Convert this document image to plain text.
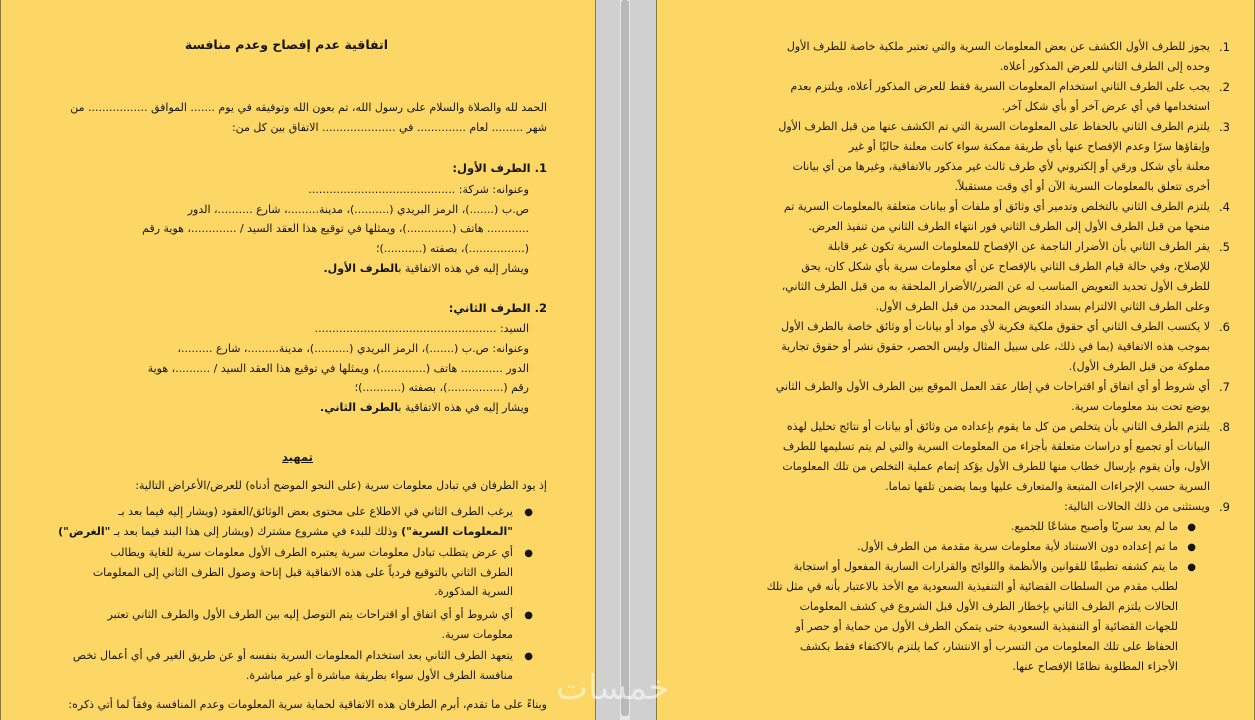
اتفاقية عدم إفصاح وعدم منافسة
الحمد لله والصلاة والسلام على رسول الله، تم بعون الله وتوفيقه في يوم ....... الموافق ................. من
شهر ......... لعام .............. في ..................... الاتفاق بين كل من:
1. الطرف الأول:
وعنوانه: شركة: ..........................................
ص.ب (.......)، الرمز البريدي (..........)، مدينة.........، شارع ..........، الدور
............ هاتف (.............)، ويمثلها في توقيع هذا العقد السيد / .............، هوية رقم
(................)، بصفته (...........)؛
ويشار إليه في هذه الاتفاقية بالطرف الأول.
2. الطرف الثاني:
السيد: ....................................................
وعنوانه: ص.ب (.......)، الرمز البريدي (..........)، مدينة.........، شارع .........،
الدور ............ هاتف (.............)، ويمثلها في توقيع هذا العقد السيد / ..........، هوية
رقم (................)، بصفته (...........)؛
ويشار إليه في هذه الاتفاقية بالطرف الثاني.
تمهيد
إذ يود الطرفان في تبادل معلومات سرية (على النحو الموضح أدناه) للعرض/الأعراض التالية:
●
يرغب الطرف الثاني في الاطلاع على محتوى بعض الوثائق/العقود (ويشار إليه فيما بعد بـ
"المعلومات السرية") وذلك للبدء في مشروع مشترك (ويشار إلى هذا البند فيما بعد بـ "الغرض")
●
أي عرض يتطلب تبادل معلومات سرية يعتبره الطرف الأول معلومات سرية للغاية ويطالب
الطرف الثاني بالتوقيع فردياً على هذه الاتفاقية قبل إتاحة وصول الطرف الثاني إلى المعلومات
السرية المذكورة.
●
أي شروط أو أي اتفاق أو اقتراحات يتم التوصل إليه بين الطرف الأول والطرف الثاني تعتبر
معلومات سرية.
●
يتعهد الطرف الثاني بعد استخدام المعلومات السرية بنفسه أو عن طريق الغير في أي أعمال تخص
منافسة الطرف الأول سواء بطريقة مباشرة أو غير مباشرة.
وبناءً على ما تقدم، أبرم الطرفان هذه الاتفاقية لحماية سرية المعلومات وعدم المنافسة وفقاً لما أتي ذكره:
1.
يجوز للطرف الأول الكشف عن بعض المعلومات السرية والتي تعتبر ملكية خاصة للطرف الأول
وحده إلى الطرف الثاني للعرض المذكور أعلاه.
2.
يجب على الطرف الثاني استخدام المعلومات السرية فقط للعرض المذكور أعلاه، ويلتزم بعدم
استخدامها في أي عرض آخر أو بأي شكل آخر.
3.
يلتزم الطرف الثاني بالحفاظ على المعلومات السرية التي تم الكشف عنها من قبل الطرف الأول
وإبقاؤها سرًا وعدم الإفصاح عنها بأي طريقة ممكنة سواء كانت معلنة حاليًا أو غير
معلنة بأي شكل ورقي أو إلكتروني لأي طرف ثالث غير مذكور بالاتفاقية، وغيرها من أي بيانات
أخرى تتعلق بالمعلومات السرية الآن أو أي وقت مستقبلاً.
4.
يلتزم الطرف الثاني بالتخلص وتدمير أي وثائق أو ملفات أو بيانات متعلقة بالمعلومات السرية تم
منحها من قبل الطرف الأول إلى الطرف الثاني فور انتهاء الطرف الثاني من تنفيذ العرض.
5.
يقر الطرف الثاني بأن الأضرار الناجمة عن الإفصاح للمعلومات السرية تكون غير قابلة
للإصلاح، وفي حالة قيام الطرف الثاني بالإفصاح عن أي معلومات سرية بأي شكل كان، يحق
للطرف الأول تحديد التعويض المناسب له عن الضرر/الأضرار الملحقة به من قبل الطرف الثاني،
وعلى الطرف الثاني الالتزام بسداد التعويض المحدد من قبل الطرف الأول.
6.
لا يكتسب الطرف الثاني أي حقوق ملكية فكرية لأي مواد أو بيانات أو وثائق خاصة بالطرف الأول
بموجب هذه الاتفاقية (بما في ذلك، على سبيل المثال وليس الحصر، حقوق نشر أو حقوق تجارية
مملوكة من قبل الطرف الأول).
7.
أي شروط أو أي اتفاق أو اقتراحات في إطار عقد العمل الموقع بين الطرف الأول والطرف الثاني
يوضع تحت بند معلومات سرية.
8.
يلتزم الطرف الثاني بأن يتخلص من كل ما يقوم بإعداده من وثائق أو بيانات أو نتائج تحليل لهذه
البيانات أو تجميع أو دراسات متعلقة بأجزاء من المعلومات السرية والتي لم يتم تسليمها للطرف
الأول، وأن يقوم بإرسال خطاب منها للطرف الأول يؤكد إتمام عملية التخلص من تلك المعلومات
السرية حسب الإجراءات المتبعة والمتعارف عليها وبما يضمن تلفها تماما.
9.
ويستثنى من ذلك الحالات التالية:
●
ما لم يعد سريًا وأصبح مشاعًا للجميع.
●
ما تم إعداده دون الاستناد لأية معلومات سرية مقدمة من الطرف الأول.
●
ما يتم كشفه تطبيقًا للقوانين والأنظمة واللوائح والقرارات السارية المفعول أو استجابة
لطلب مقدم من السلطات القضائية أو التنفيذية السعودية مع الأخذ بالاعتبار بأنه في مثل تلك
الحالات يلتزم الطرف الثاني بإخطار الطرف الأول قبل الشروع في كشف المعلومات
للجهات القضائية أو التنفيذية السعودية حتى يتمكن الطرف الأول من حماية أو حصر أو
الحفاظ على تلك المعلومات من التسرب أو الانتشار، كما يلتزم بالاكتفاء فقط بكشف
الأجزاء المطلوبة نظامًا الإفصاح عنها.
خمسات
